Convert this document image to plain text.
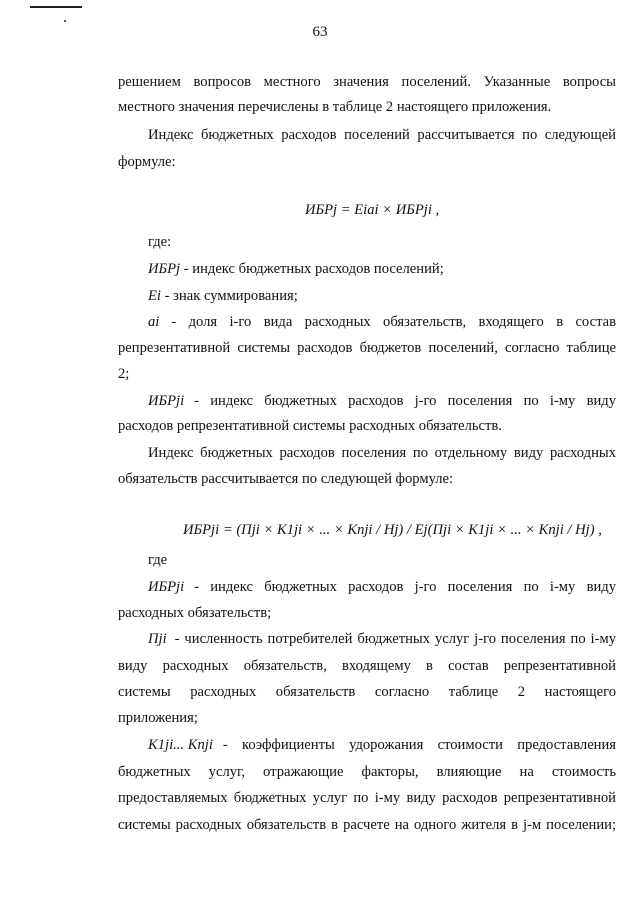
63
решением вопросов местного значения поселений. Указанные вопросы
местного значения перечислены в таблице 2 настоящего приложения.
Индекс бюджетных расходов поселений рассчитывается по следующей
формуле:
ИБРj = Eiai × ИБРji ,
где:
ИБРj - индекс бюджетных расходов поселений;
Ei - знак суммирования;
ai - доля i-го вида расходных обязательств, входящего в состав
репрезентативной системы расходов бюджетов поселений, согласно таблице
2;
ИБРji - индекс бюджетных расходов j-го поселения по i-му виду
расходов репрезентативной системы расходных обязательств.
Индекс бюджетных расходов поселения по отдельному виду расходных
обязательств рассчитывается по следующей формуле:
ИБРji = (Пji × K1ji × ... × Knji / Hj) / Ej(Пji × K1ji × ... × Knji / Hj) ,
где
ИБРji - индекс бюджетных расходов j-го поселения по i-му виду
расходных обязательств;
Пji - численность потребителей бюджетных услуг j-го поселения по i-му
виду расходных обязательств, входящему в состав репрезентативной
системы расходных обязательств согласно таблице 2 настоящего
приложения;
K1ji... Knji - коэффициенты удорожания стоимости предоставления
бюджетных услуг, отражающие факторы, влияющие на стоимость
предоставляемых бюджетных услуг по i-му виду расходов репрезентативной
системы расходных обязательств в расчете на одного жителя в j-м поселении;
